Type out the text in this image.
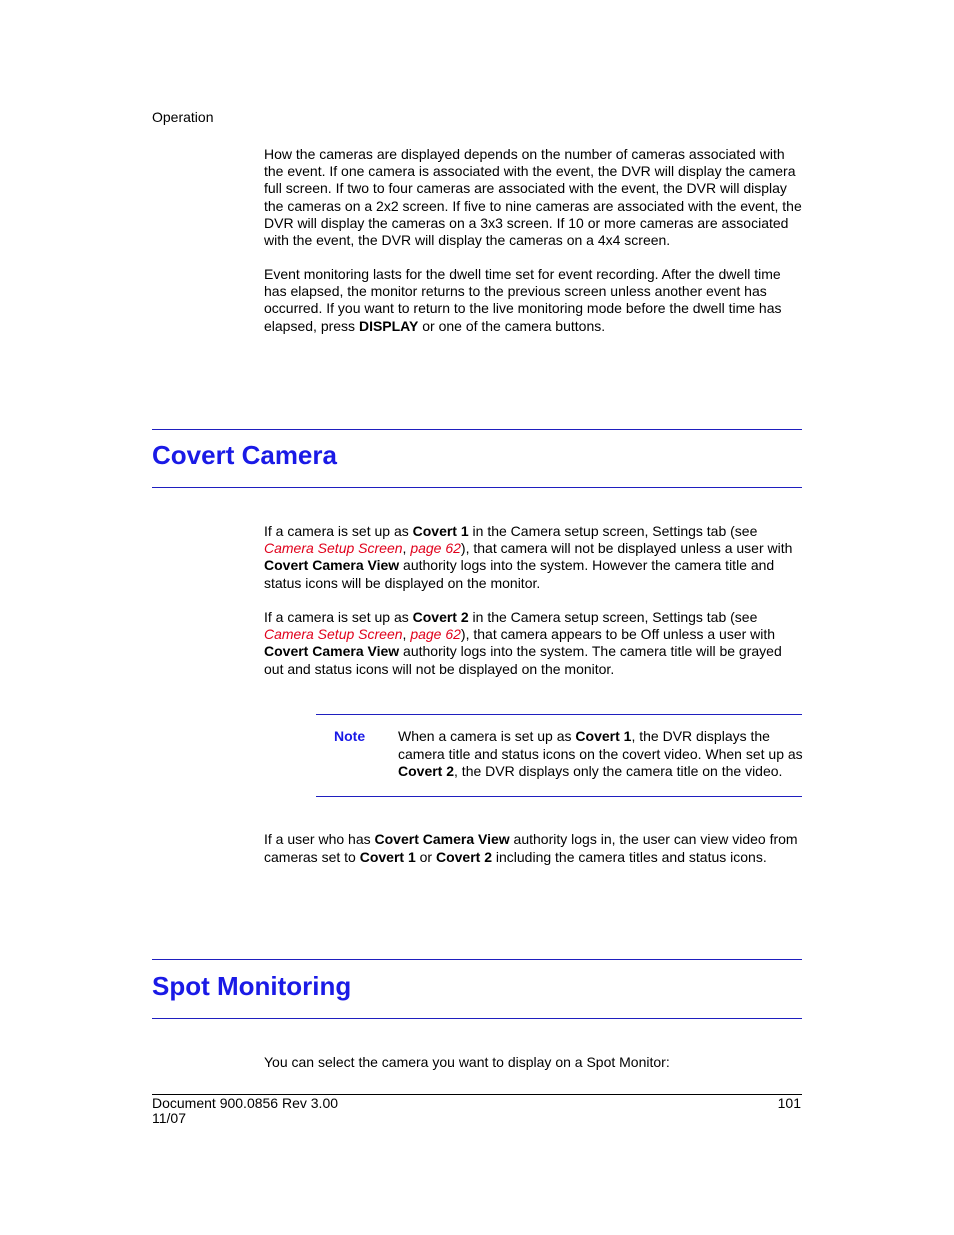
Operation

How the cameras are displayed depends on the number of cameras associated with the event. If one camera is associated with the event, the DVR will display the camera full screen. If two to four cameras are associated with the event, the DVR will display the cameras on a 2x2 screen. If five to nine cameras are associated with the event, the DVR will display the cameras on a 3x3 screen. If 10 or more cameras are associated with the event, the DVR will display the cameras on a 4x4 screen.

Event monitoring lasts for the dwell time set for event recording. After the dwell time has elapsed, the monitor returns to the previous screen unless another event has occurred. If you want to return to the live monitoring mode before the dwell time has elapsed, press DISPLAY or one of the camera buttons.

Covert Camera

If a camera is set up as Covert 1 in the Camera setup screen, Settings tab (see Camera Setup Screen, page 62), that camera will not be displayed unless a user with Covert Camera View authority logs into the system. However the camera title and status icons will be displayed on the monitor.

If a camera is set up as Covert 2 in the Camera setup screen, Settings tab (see Camera Setup Screen, page 62), that camera appears to be Off unless a user with Covert Camera View authority logs into the system. The camera title will be grayed out and status icons will not be displayed on the monitor.

Note When a camera is set up as Covert 1, the DVR displays the camera title and status icons on the covert video. When set up as Covert 2, the DVR displays only the camera title on the video.

If a user who has Covert Camera View authority logs in, the user can view video from cameras set to Covert 1 or Covert 2 including the camera titles and status icons.

Spot Monitoring

You can select the camera you want to display on a Spot Monitor:

Document 900.0856 Rev 3.00
11/07
101
